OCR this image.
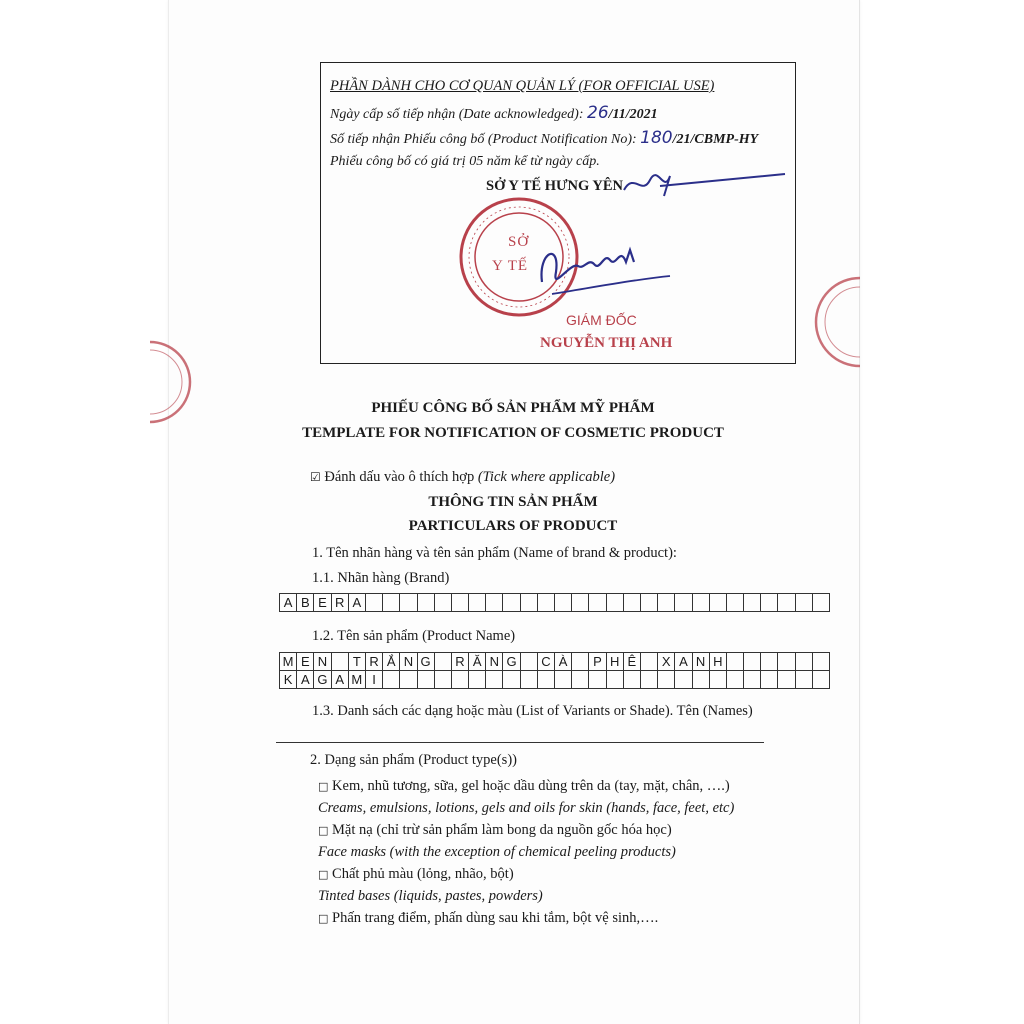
PHẦN DÀNH CHO CƠ QUAN QUẢN LÝ (FOR OFFICIAL USE)
Ngày cấp số tiếp nhận (Date acknowledged): 26/11/2021
Số tiếp nhận Phiếu công bố (Product Notification No): 180/21/CBMP-HY
Phiếu công bố có giá trị 05 năm kể từ ngày cấp.
SỞ Y TẾ HƯNG YÊN
SỞ
Y TẾ
GIÁM ĐỐC
NGUYỄN THỊ ANH
PHIẾU CÔNG BỐ SẢN PHẨM MỸ PHẨM
TEMPLATE FOR NOTIFICATION OF COSMETIC PRODUCT
☑ Đánh dấu vào ô thích hợp (Tick where applicable)
THÔNG TIN SẢN PHẨM
PARTICULARS OF PRODUCT
1. Tên nhãn hàng và tên sản phẩm (Name of brand & product):
1.1. Nhãn hàng (Brand)
A	B	E	R	A																											
1.2. Tên sản phẩm (Product Name)
M	E	N		T	R	Ắ	N	G		R	Ă	N	G		C	À		P	H	Ê		X	A	N	H						
K	A	G	A	M	I																										
1.3. Danh sách các dạng hoặc màu (List of Variants or Shade). Tên (Names)
2. Dạng sản phẩm (Product type(s))
□ Kem, nhũ tương, sữa, gel hoặc dầu dùng trên da (tay, mặt, chân, ….)
Creams, emulsions, lotions, gels and oils for skin (hands, face, feet, etc)
□ Mặt nạ (chỉ trừ sản phẩm làm bong da nguồn gốc hóa học)
Face masks (with the exception of chemical peeling products)
□ Chất phủ màu (lỏng, nhão, bột)
Tinted bases (liquids, pastes, powders)
□ Phấn trang điểm, phấn dùng sau khi tắm, bột vệ sinh,….
